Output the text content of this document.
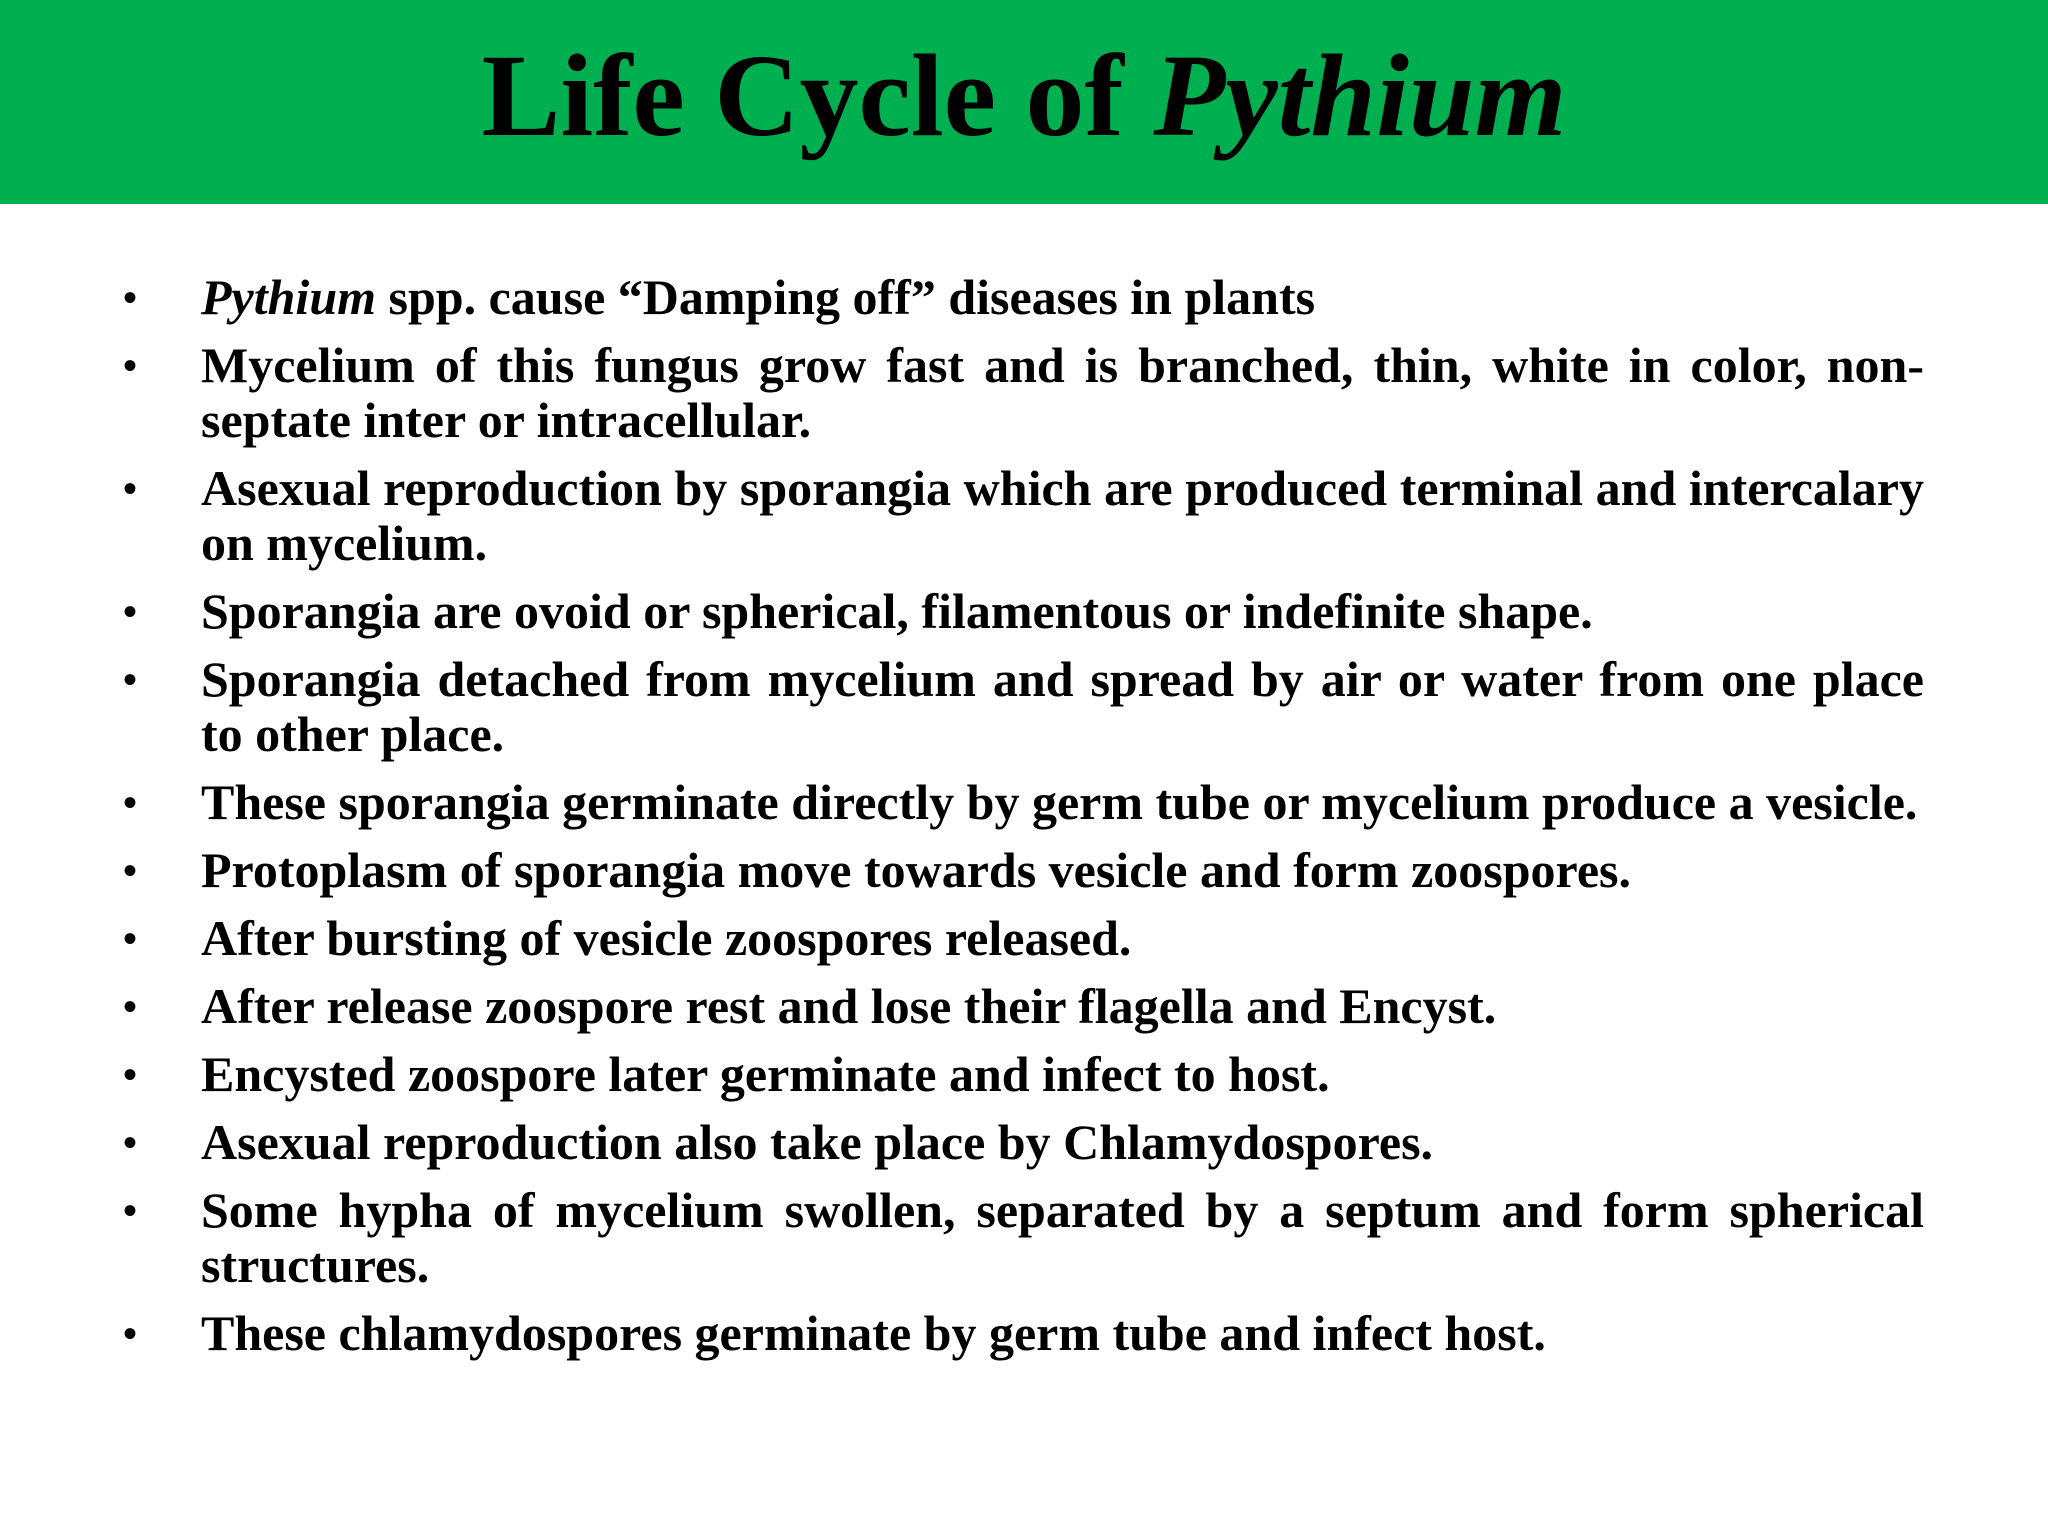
Life Cycle of Pythium
• Pythium spp. cause “Damping off” diseases in plants
• Mycelium of this fungus grow fast and is branched, thin, white in color, non-septate inter or intracellular.
• Asexual reproduction by sporangia which are produced terminal and intercalary on mycelium.
• Sporangia are ovoid or spherical, filamentous or indefinite shape.
• Sporangia detached from mycelium and spread by air or water from one place to other place.
• These sporangia germinate directly by germ tube or mycelium produce a vesicle.
• Protoplasm of sporangia move towards vesicle and form zoospores.
• After bursting of vesicle zoospores released.
• After release zoospore rest and lose their flagella and Encyst.
• Encysted zoospore later germinate and infect to host.
• Asexual reproduction also take place by Chlamydospores.
• Some hypha of mycelium swollen, separated by a septum and form spherical structures.
• These chlamydospores germinate by germ tube and infect host.
